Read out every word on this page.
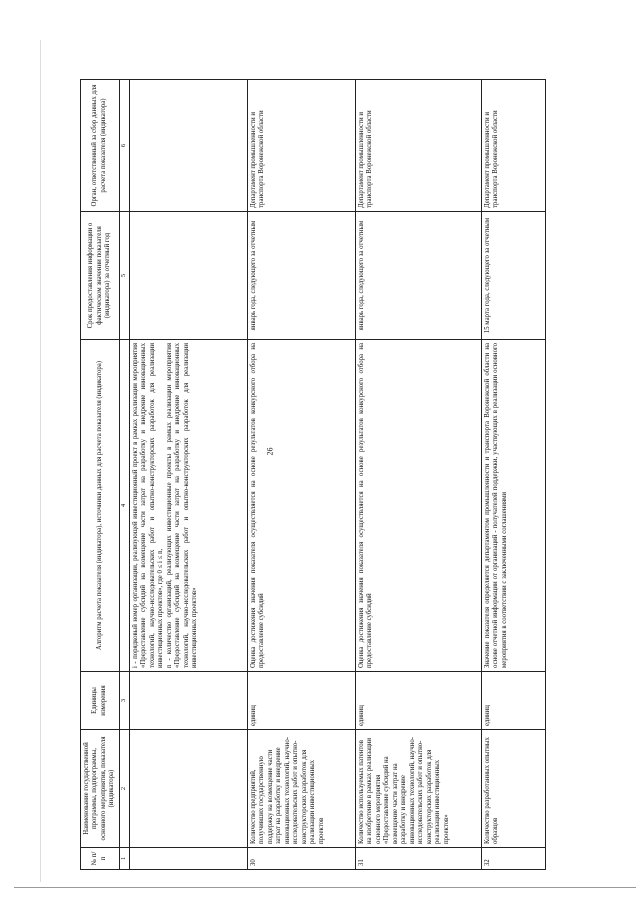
26
№ п/п	Наименование государственной программы, подпрограммы, основного мероприятия, показателя (индикатора)	Единицы измерения	Алгоритм расчета показателя (индикатора), источники данных для расчета показателя (индикатора)	Срок предоставления информации о фактическом значении показателя (индикатора) за отчетный год	Орган, ответственный за сбор данных для расчета показателя (индикатора)
1	2	3	4	5	6
			i - порядковый номер организации, реализующей инвестиционный проект в рамках реализации мероприятия «Предоставление субсидий на возмещение части затрат на разработку и внедрение инновационных технологий, научно-исследовательских работ и опытно-конструкторских разработок для реализации инвестиционных проектов», где 0 ≤ i ≤ n,
n - количество организаций, реализующих инвестиционные проекты в рамках реализации мероприятия «Предоставление субсидий на возмещение части затрат на разработку и внедрение инновационных технологий, научно-исследовательских работ и опытно-конструкторских разработок для реализации инвестиционных проектов»		
30	Количество предприятий, получивших государственную поддержку на возмещение части затрат на разработку и внедрение инновационных технологий, научно-исследовательских работ и опытно-конструкторских разработок для реализации инвестиционных проектов	единиц	Оценка достижения значения показателя осуществляется на основе результатов конкурсного отбора на предоставление субсидий	январь года, следующего за отчетным	Департамент промышленности и транспорта Воронежской области
31	Количество используемых патентов на изобретение в рамках реализации основного мероприятия «Предоставление субсидий на возмещение части затрат на разработку и внедрение инновационных технологий, научно-исследовательских работ и опытно-конструкторских разработок для реализации инвестиционных проектов»	единиц	Оценка достижения значения показателя осуществляется на основе результатов конкурсного отбора на предоставление субсидий	январь года, следующего за отчетным	Департамент промышленности и транспорта Воронежской области
32	Количество разработанных опытных образцов	единиц	Значение показателя определяется департаментом промышленности и транспорта Воронежской области на основе отчетной информации от организаций - получателей поддержки, участвующих в реализации основного мероприятия в соответствии с заключенными соглашениями	15 марта года, следующего за отчетным	Департамент промышленности и транспорта Воронежской области
